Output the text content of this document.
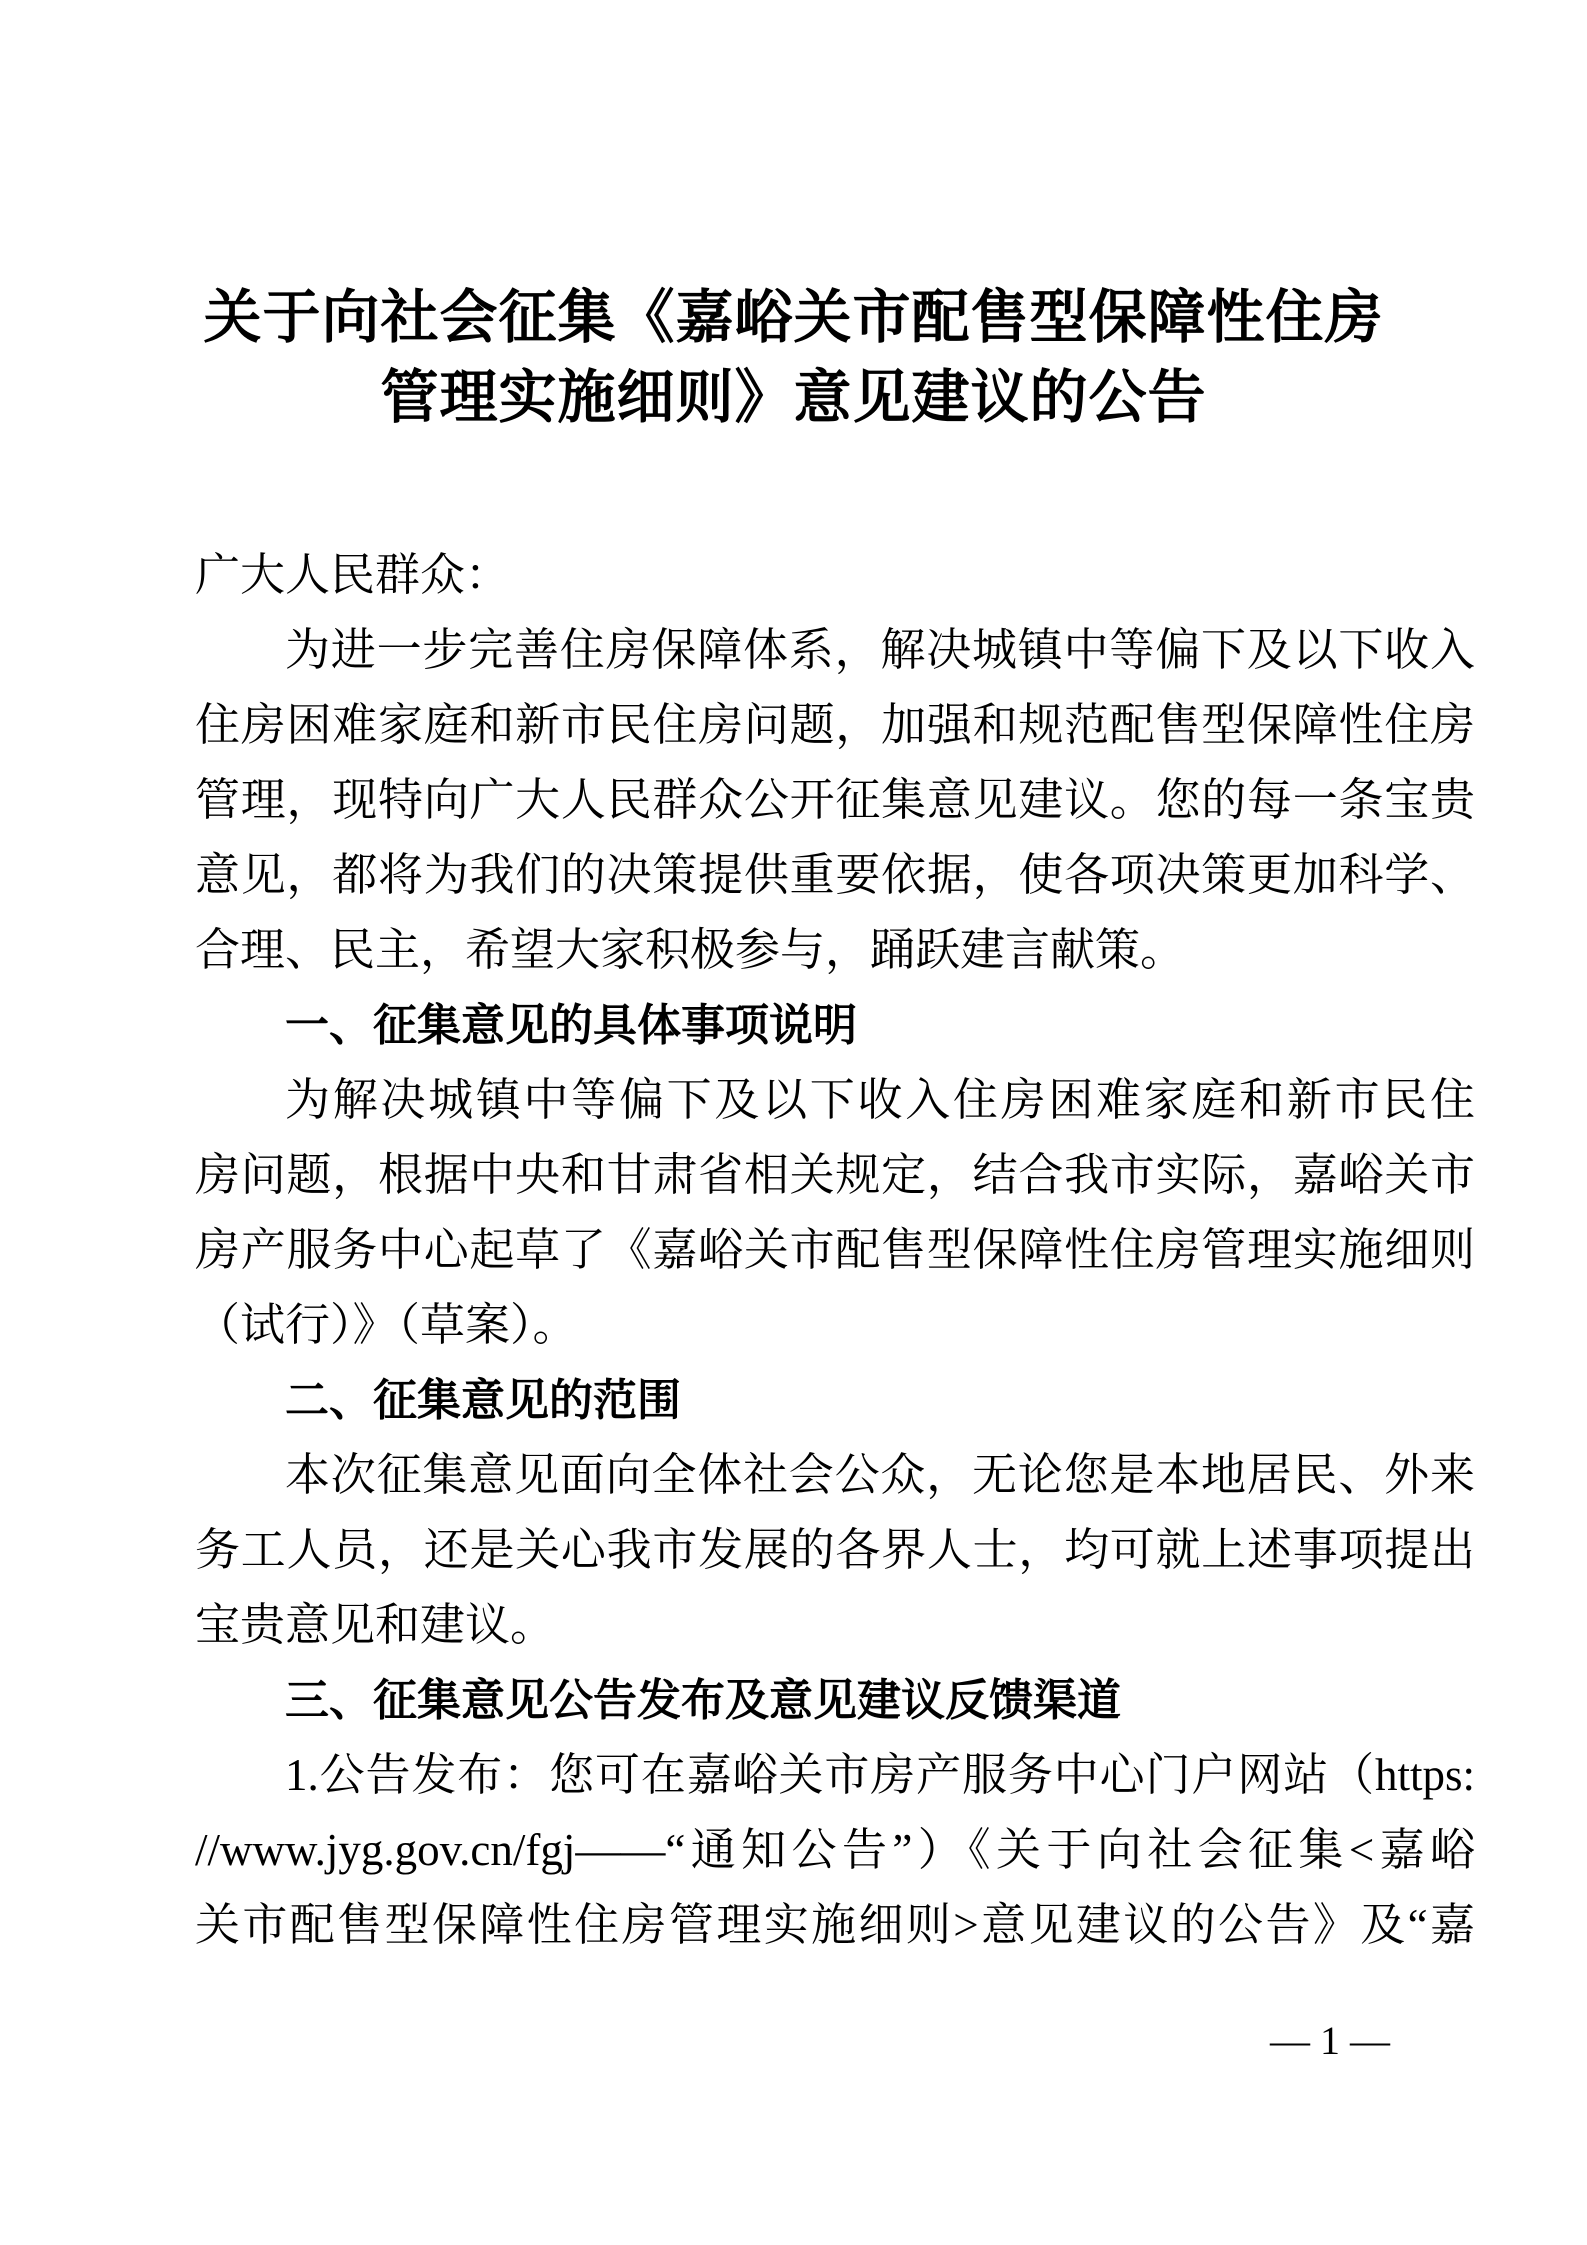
关于向社会征集《嘉峪关市配售型保障性住房
管理实施细则》意见建议的公告
广大人民群众：
为进一步完善住房保障体系，解决城镇中等偏下及以下收入
住房困难家庭和新市民住房问题，加强和规范配售型保障性住房
管理，现特向广大人民群众公开征集意见建议。您的每一条宝贵
意见，都将为我们的决策提供重要依据，使各项决策更加科学、
合理、民主，希望大家积极参与，踊跃建言献策。
一、征集意见的具体事项说明
为解决城镇中等偏下及以下收入住房困难家庭和新市民住
房问题，根据中央和甘肃省相关规定，结合我市实际，嘉峪关市
房产服务中心起草了《嘉峪关市配售型保障性住房管理实施细则
（试行）》（草案）。
二、征集意见的范围
本次征集意见面向全体社会公众，无论您是本地居民、外来
务工人员，还是关心我市发展的各界人士，均可就上述事项提出
宝贵意见和建议。
三、征集意见公告发布及意见建议反馈渠道
1.公告发布：您可在嘉峪关市房产服务中心门户网站（https:
//www.jyg.gov.cn/fgj——“通知公告”）《关于向社会征集<嘉峪
关市配售型保障性住房管理实施细则>意见建议的公告》及“嘉
— 1 —
